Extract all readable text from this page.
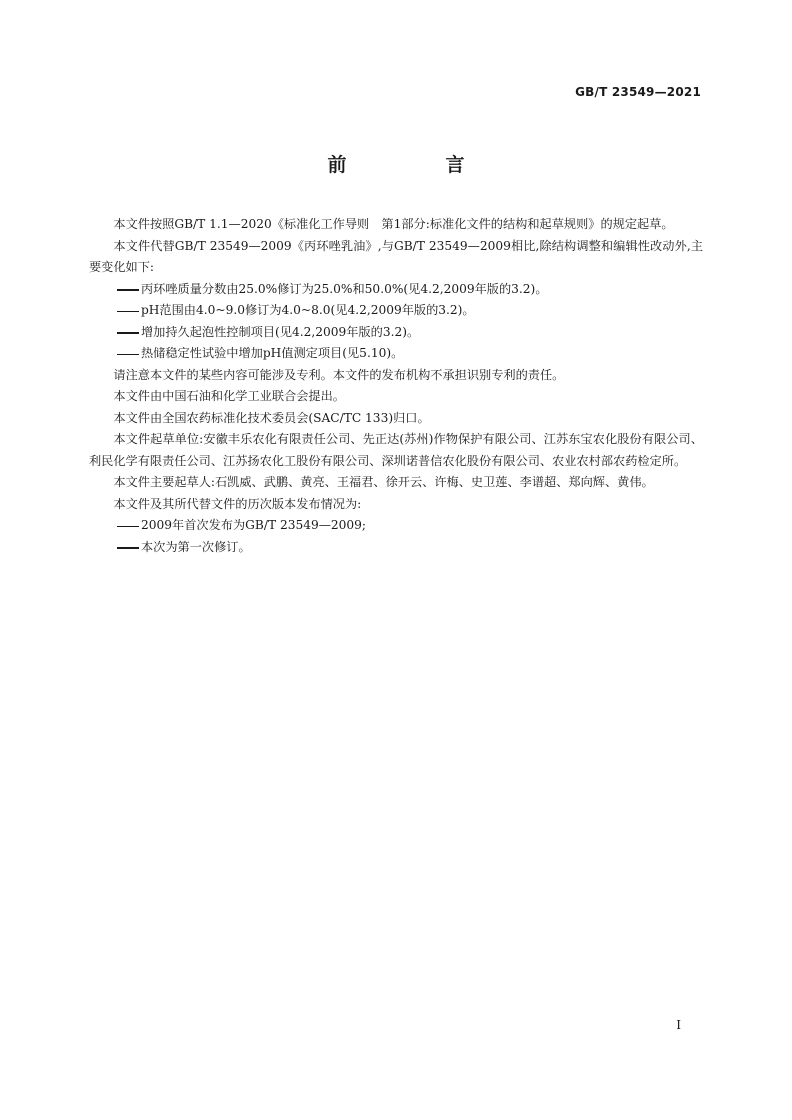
GB/T 23549—2021
前　言

本文件按照GB/T 1.1—2020《标准化工作导则　第1部分:标准化文件的结构和起草规则》的规定起草。

本文件代替GB/T 23549—2009《丙环唑乳油》,与GB/T 23549—2009相比,除结构调整和编辑性改动外,主要变化如下:

丙环唑质量分数由25.0%修订为25.0%和50.0%(见4.2,2009年版的3.2)。
pH范围由4.0~9.0修订为4.0~8.0(见4.2,2009年版的3.2)。
增加持久起泡性控制项目(见4.2,2009年版的3.2)。
热储稳定性试验中增加pH值测定项目(见5.10)。

请注意本文件的某些内容可能涉及专利。本文件的发布机构不承担识别专利的责任。

本文件由中国石油和化学工业联合会提出。

本文件由全国农药标准化技术委员会(SAC/TC 133)归口。

本文件起草单位:安徽丰乐农化有限责任公司、先正达(苏州)作物保护有限公司、江苏东宝农化股份有限公司、利民化学有限责任公司、江苏扬农化工股份有限公司、深圳诺普信农化股份有限公司、农业农村部农药检定所。

本文件主要起草人:石凯威、武鹏、黄亮、王福君、徐开云、许梅、史卫莲、李谱超、郑向辉、黄伟。

本文件及其所代替文件的历次版本发布情况为:

2009年首次发布为GB/T 23549—2009;
本次为第一次修订。
I
